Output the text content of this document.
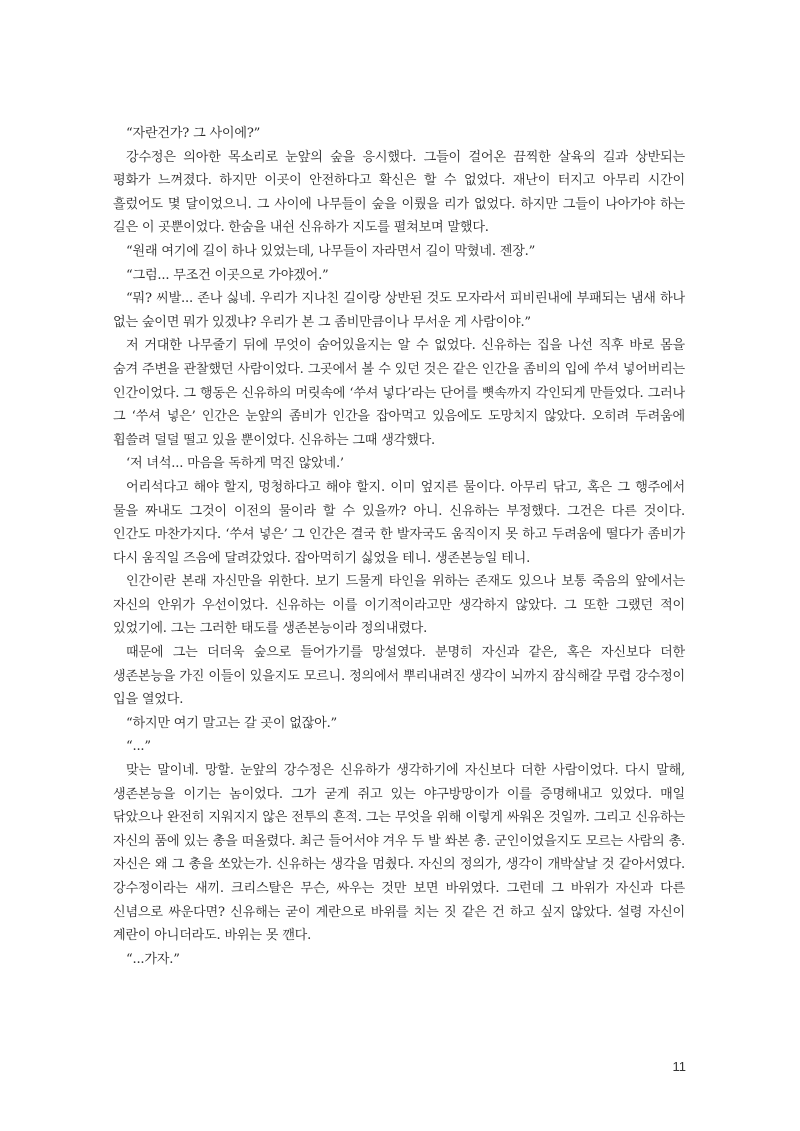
“자란건가? 그 사이에?”

강수정은 의아한 목소리로 눈앞의 숲을 응시했다. 그들이 걸어온 끔찍한 살육의 길과 상반되는 평화가 느껴졌다. 하지만 이곳이 안전하다고 확신은 할 수 없었다. 재난이 터지고 아무리 시간이 흘렀어도 몇 달이었으니. 그 사이에 나무들이 숲을 이뤘을 리가 없었다. 하지만 그들이 나아가야 하는 길은 이 곳뿐이었다. 한숨을 내쉰 신유하가 지도를 펼쳐보며 말했다.

“원래 여기에 길이 하나 있었는데, 나무들이 자라면서 길이 막혔네. 젠장.”

“그럼... 무조건 이곳으로 가야겠어.”

“뭐? 씨발... 존나 싫네. 우리가 지나친 길이랑 상반된 것도 모자라서 피비린내에 부패되는 냄새 하나 없는 숲이면 뭐가 있겠냐? 우리가 본 그 좀비만큼이나 무서운 게 사람이야.”

저 거대한 나무줄기 뒤에 무엇이 숨어있을지는 알 수 없었다. 신유하는 집을 나선 직후 바로 몸을 숨겨 주변을 관찰했던 사람이었다. 그곳에서 볼 수 있던 것은 같은 인간을 좀비의 입에 쑤셔 넣어버리는 인간이었다. 그 행동은 신유하의 머릿속에 ‘쑤셔 넣다’라는 단어를 뼛속까지 각인되게 만들었다. 그러나 그 ‘쑤셔 넣은’ 인간은 눈앞의 좀비가 인간을 잡아먹고 있음에도 도망치지 않았다. 오히려 두려움에 휩쓸려 덜덜 떨고 있을 뿐이었다. 신유하는 그때 생각했다.

‘저 녀석... 마음을 독하게 먹진 않았네.’

어리석다고 해야 할지, 멍청하다고 해야 할지. 이미 엎지른 물이다. 아무리 닦고, 혹은 그 행주에서 물을 짜내도 그것이 이전의 물이라 할 수 있을까? 아니. 신유하는 부정했다. 그건은 다른 것이다. 인간도 마찬가지다. ‘쑤셔 넣은’ 그 인간은 결국 한 발자국도 움직이지 못 하고 두려움에 떨다가 좀비가 다시 움직일 즈음에 달려갔었다. 잡아먹히기 싫었을 테니. 생존본능일 테니.

인간이란 본래 자신만을 위한다. 보기 드물게 타인을 위하는 존재도 있으나 보통 죽음의 앞에서는 자신의 안위가 우선이었다. 신유하는 이를 이기적이라고만 생각하지 않았다. 그 또한 그랬던 적이 있었기에. 그는 그러한 태도를 생존본능이라 정의내렸다.

때문에 그는 더더욱 숲으로 들어가기를 망설였다. 분명히 자신과 같은, 혹은 자신보다 더한 생존본능을 가진 이들이 있을지도 모르니. 정의에서 뿌리내려진 생각이 뇌까지 잠식해갈 무렵 강수정이 입을 열었다.

“하지만 여기 말고는 갈 곳이 없잖아.”

“...”

맞는 말이네. 망할. 눈앞의 강수정은 신유하가 생각하기에 자신보다 더한 사람이었다. 다시 말해, 생존본능을 이기는 놈이었다. 그가 굳게 쥐고 있는 야구방망이가 이를 증명해내고 있었다. 매일 닦았으나 완전히 지워지지 않은 전투의 흔적. 그는 무엇을 위해 이렇게 싸워온 것일까. 그리고 신유하는 자신의 품에 있는 총을 떠올렸다. 최근 들어서야 겨우 두 발 쏴본 총. 군인이었을지도 모르는 사람의 총. 자신은 왜 그 총을 쏘았는가. 신유하는 생각을 멈췄다. 자신의 정의가, 생각이 개박살날 것 같아서였다. 강수정이라는 새끼. 크리스탈은 무슨, 싸우는 것만 보면 바위였다. 그런데 그 바위가 자신과 다른 신념으로 싸운다면? 신유해는 굳이 계란으로 바위를 치는 짓 같은 건 하고 싶지 않았다. 설령 자신이 계란이 아니더라도. 바위는 못 깬다.

“...가자.”

11
